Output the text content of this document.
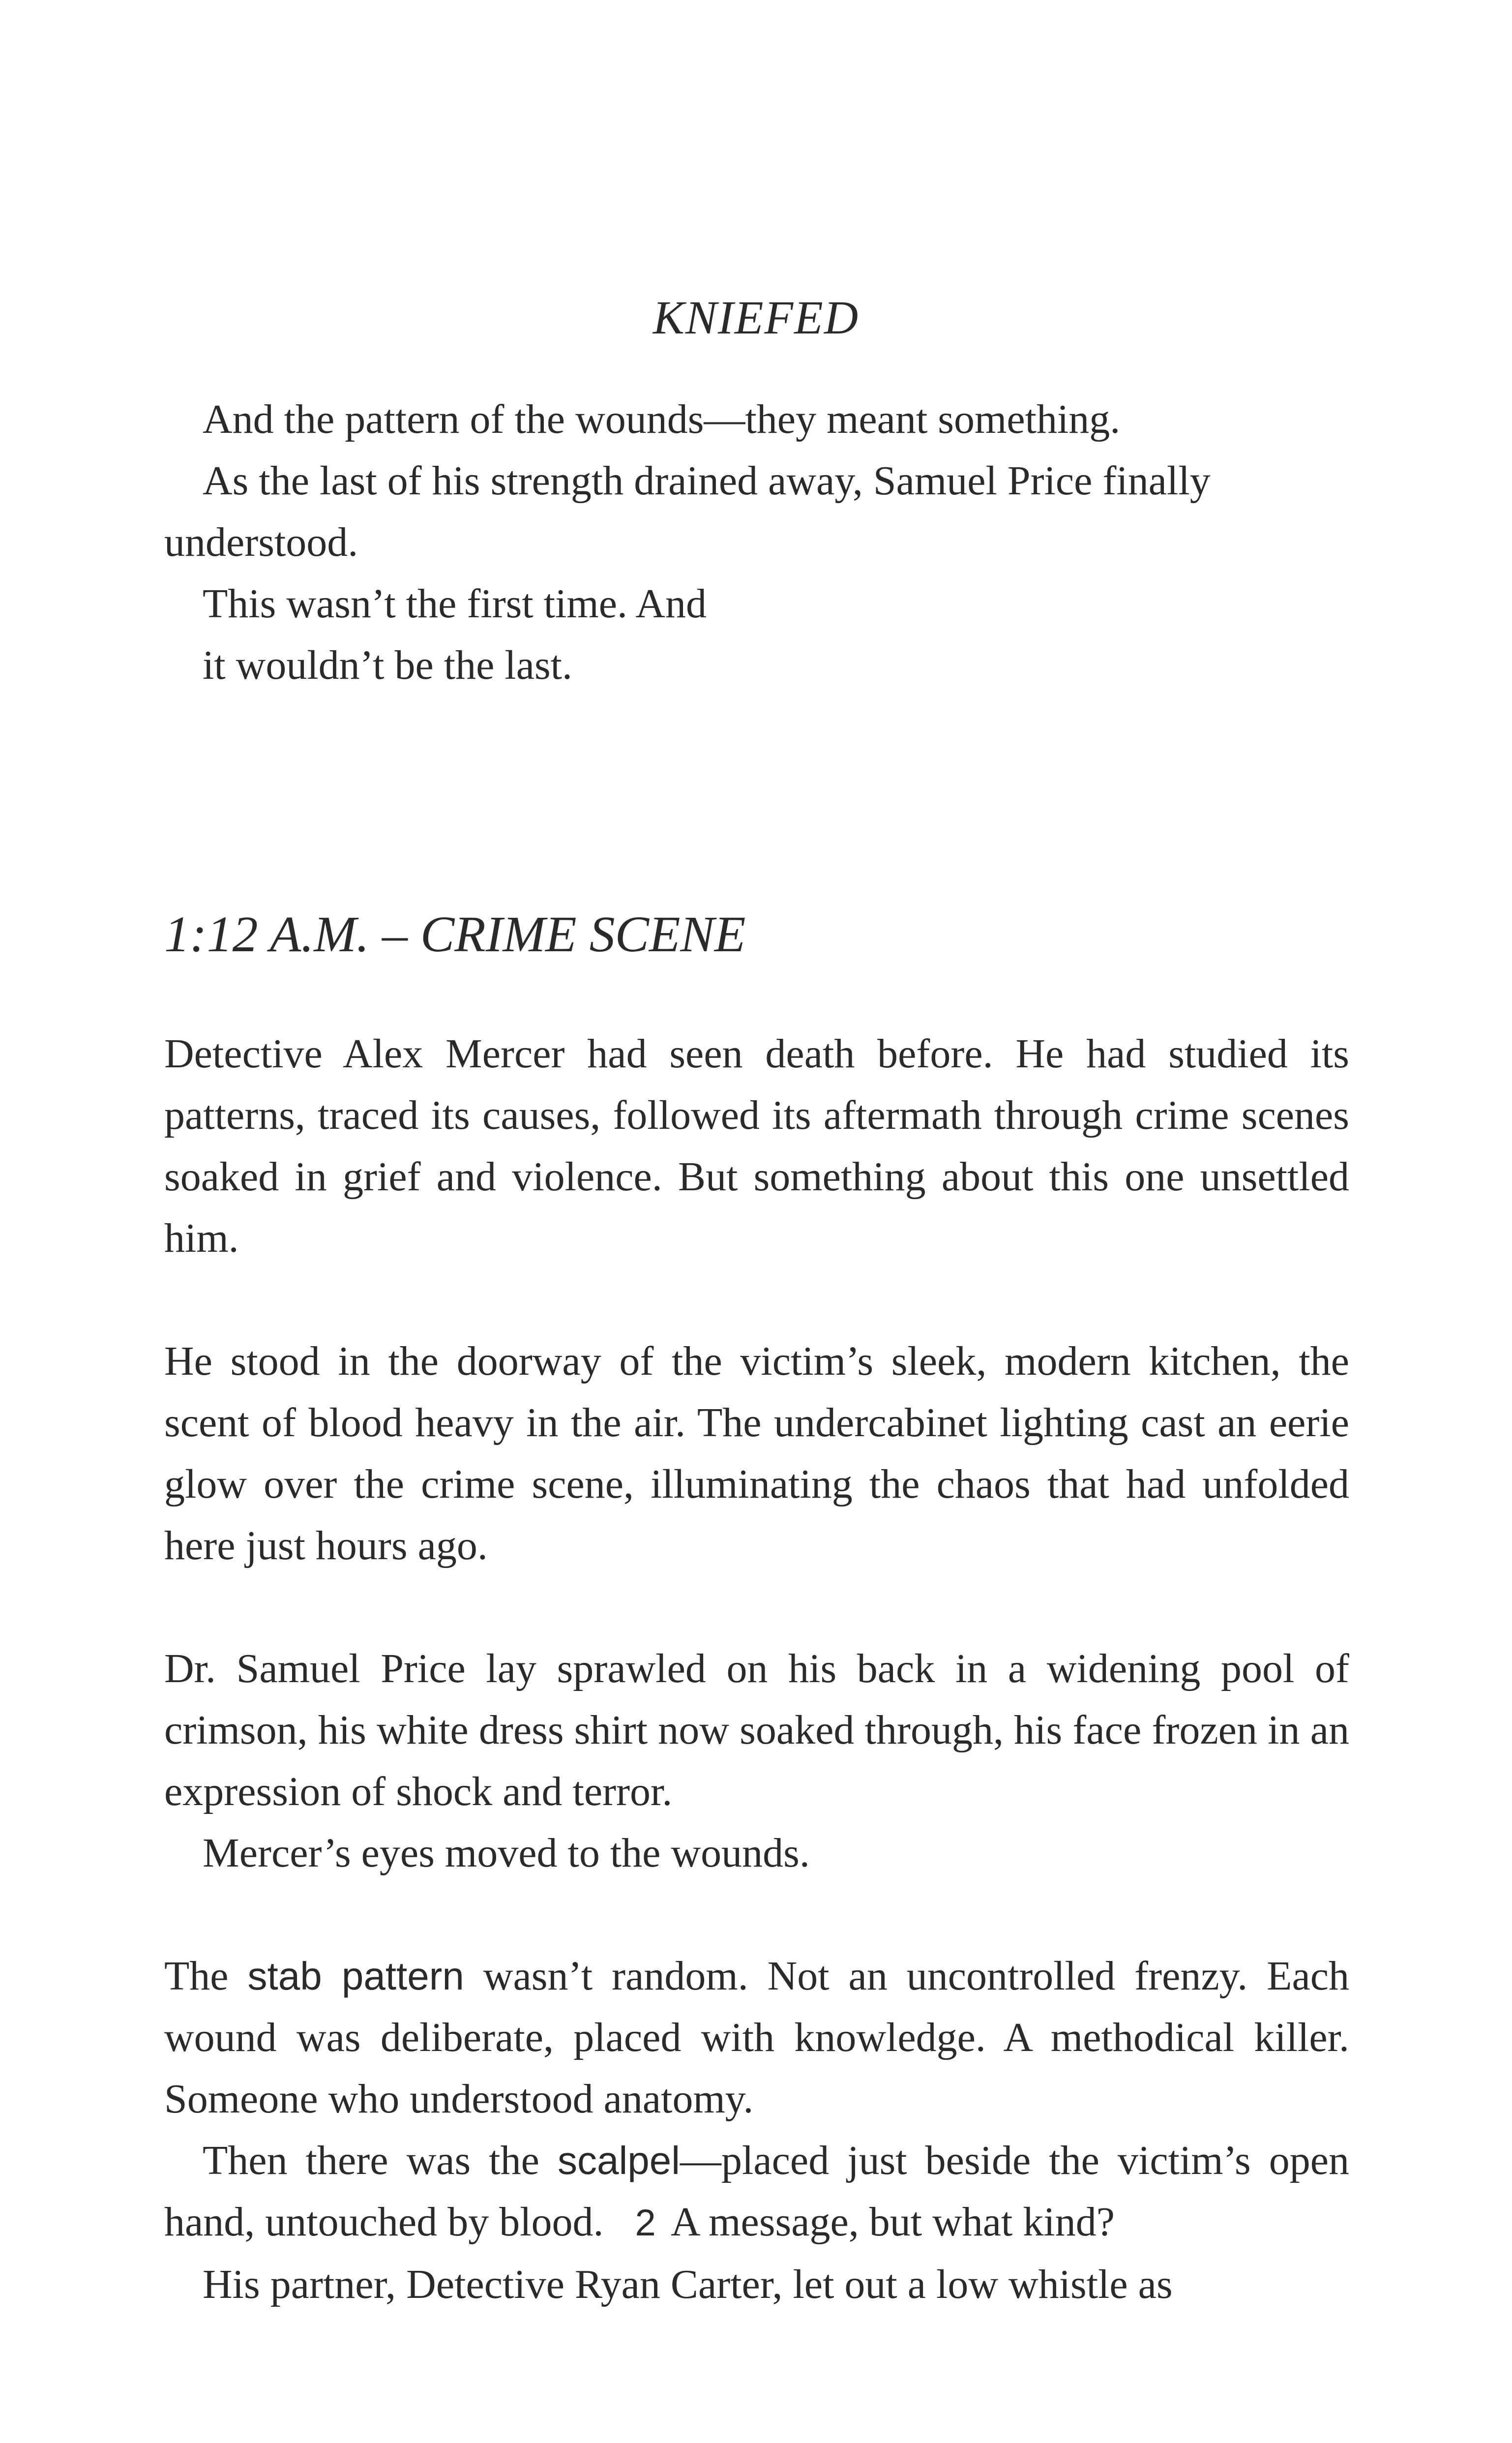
KNIEFED

And the pattern of the wounds—they meant something.

As the last of his strength drained away, Samuel Price finally understood.

This wasn’t the first time. And

it wouldn’t be the last.

1:12 A.M. – CRIME SCENE

Detective Alex Mercer had seen death before. He had studied its patterns, traced its causes, followed its aftermath through crime scenes soaked in grief and violence. But something about this one unsettled him.

He stood in the doorway of the victim’s sleek, modern kitchen, the scent of blood heavy in the air. The undercabinet lighting cast an eerie glow over the crime scene, illuminating the chaos that had unfolded here just hours ago.

Dr. Samuel Price lay sprawled on his back in a widening pool of crimson, his white dress shirt now soaked through, his face frozen in an expression of shock and terror.

Mercer’s eyes moved to the wounds.

The stab pattern wasn’t random. Not an uncontrolled frenzy. Each wound was deliberate, placed with knowledge. A methodical killer. Someone who understood anatomy.

Then there was the scalpel—placed just beside the victim’s open hand, untouched by blood. 2 A message, but what kind?

His partner, Detective Ryan Carter, let out a low whistle as
